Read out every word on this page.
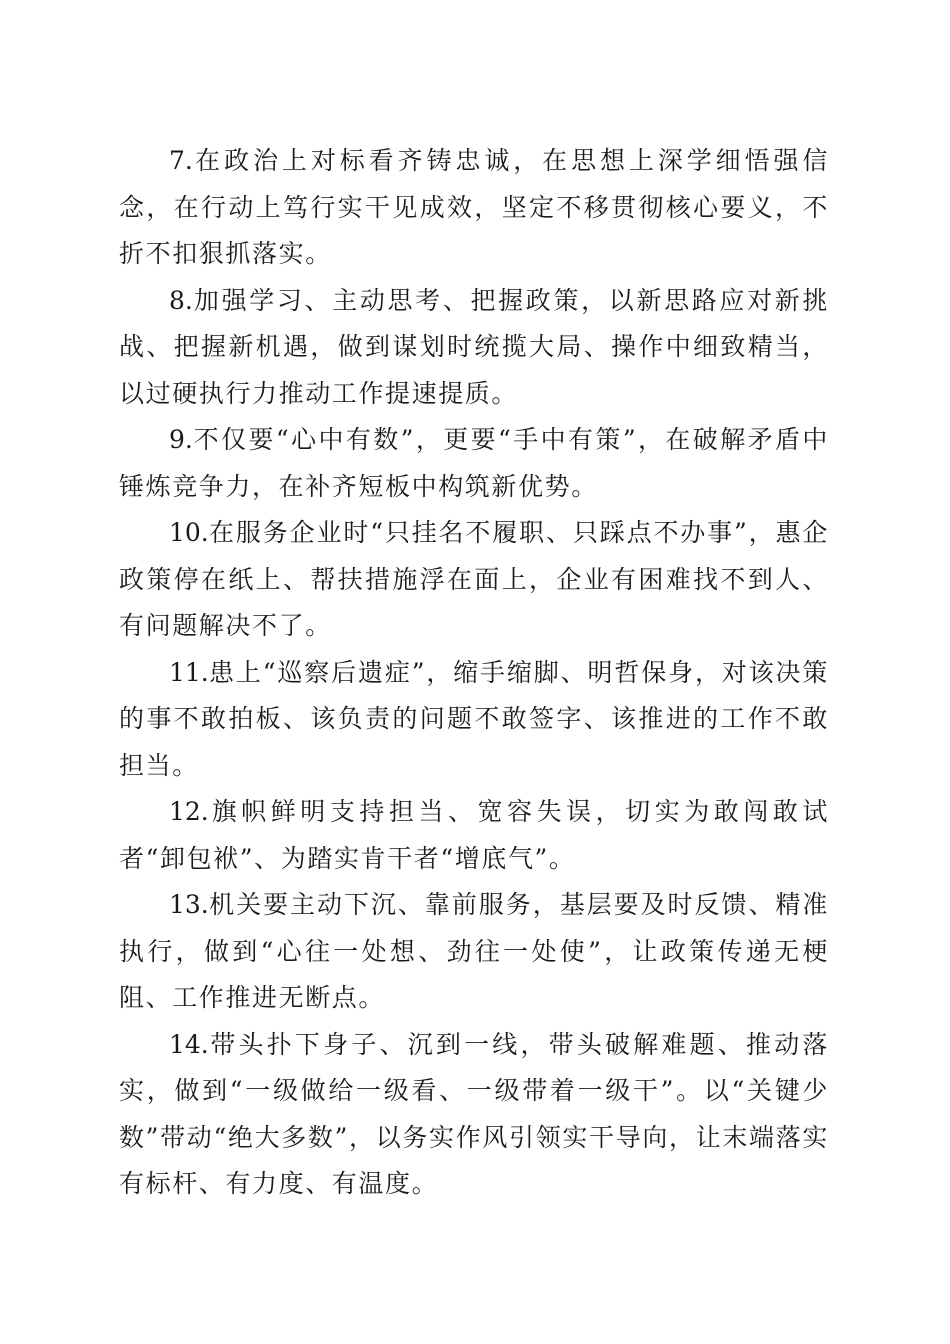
7.在政治上对标看齐铸忠诚，在思想上深学细悟强信念，在行动上笃行实干见成效，坚定不移贯彻核心要义，不折不扣狠抓落实。

8.加强学习、主动思考、把握政策，以新思路应对新挑战、把握新机遇，做到谋划时统揽大局、操作中细致精当，以过硬执行力推动工作提速提质。

9.不仅要“心中有数”，更要“手中有策”，在破解矛盾中锤炼竞争力，在补齐短板中构筑新优势。

10.在服务企业时“只挂名不履职、只踩点不办事”，惠企政策停在纸上、帮扶措施浮在面上，企业有困难找不到人、有问题解决不了。

11.患上“巡察后遗症”，缩手缩脚、明哲保身，对该决策的事不敢拍板、该负责的问题不敢签字、该推进的工作不敢担当。

12.旗帜鲜明支持担当、宽容失误，切实为敢闯敢试者“卸包袱”、为踏实肯干者“增底气”。

13.机关要主动下沉、靠前服务，基层要及时反馈、精准执行，做到“心往一处想、劲往一处使”，让政策传递无梗阻、工作推进无断点。

14.带头扑下身子、沉到一线，带头破解难题、推动落实，做到“一级做给一级看、一级带着一级干”。以“关键少数”带动“绝大多数”，以务实作风引领实干导向，让末端落实有标杆、有力度、有温度。
